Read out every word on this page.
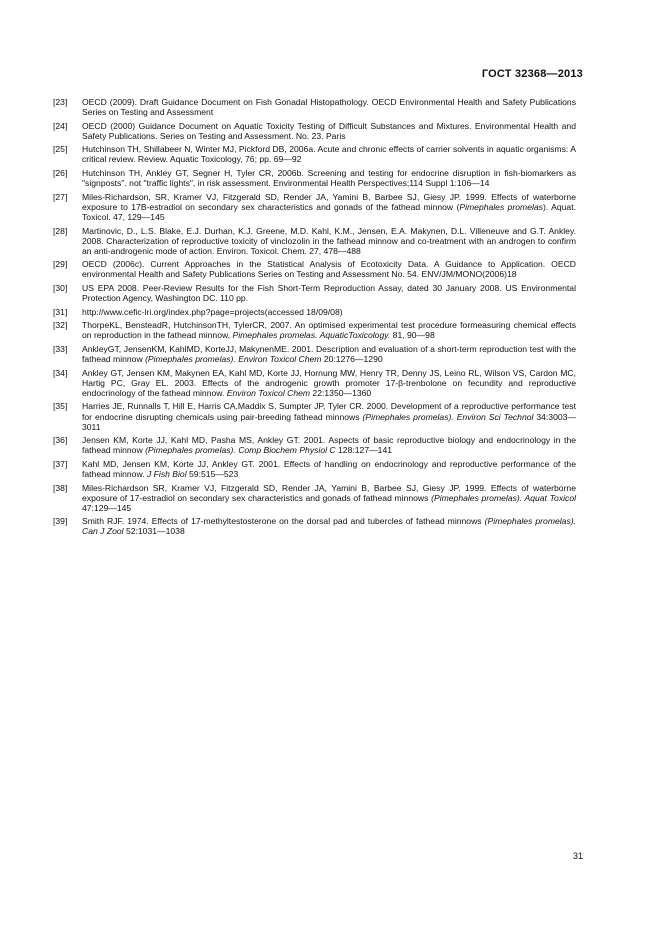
ГОСТ 32368—2013
[23]	OECD (2009). Draft Guidance Document on Fish Gonadal Histopathology. OECD Environmental Health and Safety Publications Series on Testing and Assessment
[24]	OECD (2000) Guidance Document on Aquatic Toxicity Testing of Difficult Substances and Mixtures. Environmental Health and Safety Publications. Series on Testing and Assessment. No. 23. Paris
[25]	Hutchinson TH, Shillabeer N, Winter MJ, Pickford DB, 2006a. Acute and chronic effects of carrier solvents in aquatic organisms: A critical review. Review. Aquatic Toxicology, 76; pp. 69—92
[26]	Hutchinson TH, Ankley GT, Segner H, Tyler CR, 2006b. Screening and testing for endocrine disruption in fish-biomarkers as "signposts". not "traffic lights", in risk assessment. Environmental Health Perspectives;114 Suppl 1:106—14
[27]	Miles-Richardson, SR, Kramer VJ, Fitzgerald SD, Render JA, Yamini B, Barbee SJ, Giesy JP. 1999. Effects of waterborne exposure to 17B-estradiol on secondary sex characteristics and gonads of the fathead minnow (Pimephales promelas). Aquat. Toxicol. 47, 129—145
[28]	Martinovic, D., L.S. Blake, E.J. Durhan, K.J. Greene, M.D. Kahl, K.M., Jensen, E.A. Makynen, D.L. Villeneuve and G.T. Ankley. 2008. Characterization of reproductive toxicity of vinclozolin in the fathead minnow and co-treatment with an androgen to confirm an anti-androgenic mode of action. Environ. Toxicol. Chem. 27, 478—488
[29]	OECD (2006c). Current Approaches in the Statistical Analysis of Ecotoxicity Data. A Guidance to Application. OECD environmental Health and Safety Publications Series on Testing and Assessment No. 54. ENV/JM/MONO(2006)18
[30]	US EPA 2008. Peer-Review Results for the Fish Short-Term Reproduction Assay, dated 30 January 2008. US Environmental Protection Agency, Washington DC. 110 pp.
[31]	http://www.cefic-lri.org/index.php?page=projects(accessed 18/09/08)
[32]	ThorpeKL, BensteadR, HutchinsonTH, TylerCR, 2007. An optimised experimental test procedure formeasuring chemical effects on reproduction in the fathead minnow, Pimephales promelas. AquaticToxicology. 81, 90—98
[33]	AnkleyGT, JensenKM, KahlMD, KorteJJ, MakynenME. 2001. Description and evaluation of a short-term reproduction test with the fathead minnow (Pimephales promelas). Environ Toxicol Chem 20:1276—1290
[34]	Ankley GT, Jensen KM, Makynen EA, Kahl MD, Korte JJ, Hornung MW, Henry TR, Denny JS, Leino RL, Wilson VS, Cardon MC, Hartig PC, Gray EL. 2003. Effects of the androgenic growth promoter 17-β-trenbolone on fecundity and reproductive endocrinology of the fathead minnow. Environ Toxicol Chem 22:1350—1360
[35]	Harries JE, Runnalls T, Hill E, Harris CA,Maddix S, Sumpter JP, Tyler CR. 2000. Development of a reproductive performance test for endocrine disrupting chemicals using pair-breeding fathead minnows (Pimephales promelas). Environ Sci Technol 34:3003—3011
[36]	Jensen KM, Korte JJ, Kahl MD, Pasha MS, Ankley GT. 2001. Aspects of basic reproductive biology and endocrinology in the fathead minnow (Pimephales promelas). Comp Biochem Physiol C 128:127—141
[37]	Kahl MD, Jensen KM, Korte JJ, Ankley GT. 2001. Effects of handling on endocrinology and reproductive performance of the fathead minnow. J Fish Biol 59:515—523
[38]	Miles-Richardson SR, Kramer VJ, Fitzgerald SD, Render JA, Yamini B, Barbee SJ, Giesy JP. 1999. Effects of waterborne exposure of 17-estradiol on secondary sex characteristics and gonads of fathead minnows (Pimephales promelas). Aquat Toxicol 47:129—145
[39]	Smith RJF. 1974. Effects of 17-methyltestosterone on the dorsal pad and tubercles of fathead minnows (Pimephales promelas). Can J Zool 52:1031—1038
31
